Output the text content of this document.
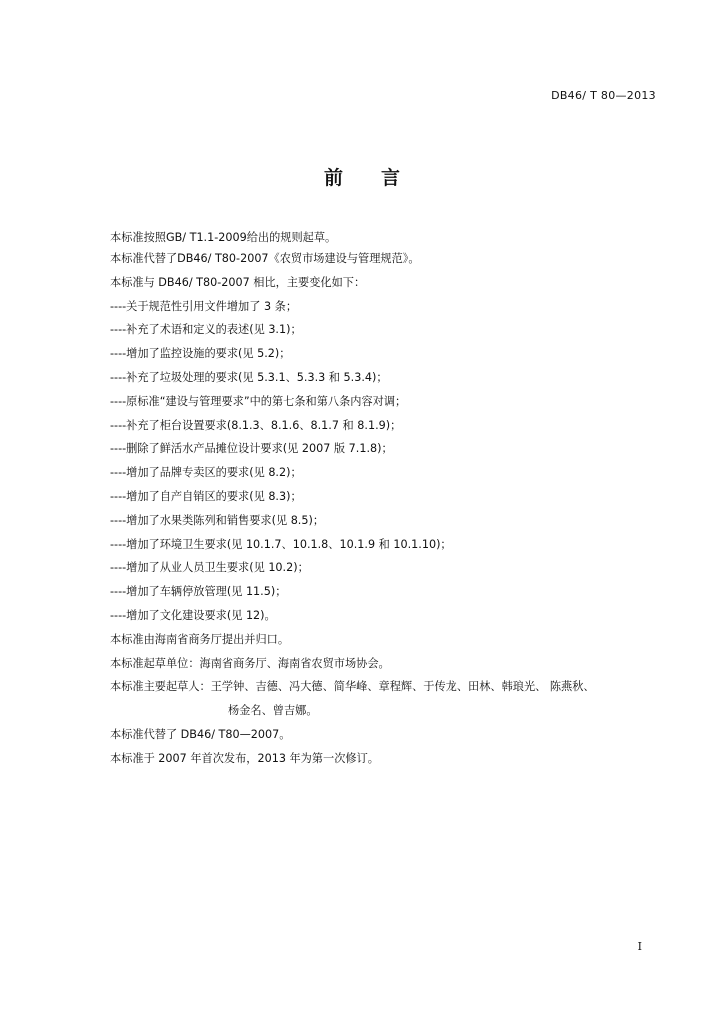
DB46/ T 80—2013
前 言
本标准按照GB/ T1.1-2009给出的规则起草。
本标准代替了DB46/ T80-2007《农贸市场建设与管理规范》。
本标准与 DB46/ T80-2007 相比，主要变化如下：
----关于规范性引用文件增加了 3 条；
----补充了术语和定义的表述(见 3.1)；
----增加了监控设施的要求(见 5.2)；
----补充了垃圾处理的要求(见 5.3.1、5.3.3 和 5.3.4)；
----原标准“建设与管理要求”中的第七条和第八条内容对调；
----补充了柜台设置要求(8.1.3、8.1.6、8.1.7 和 8.1.9)；
----删除了鲜活水产品摊位设计要求(见 2007 版 7.1.8)；
----增加了品牌专卖区的要求(见 8.2)；
----增加了自产自销区的要求(见 8.3)；
----增加了水果类陈列和销售要求(见 8.5)；
----增加了环境卫生要求(见 10.1.7、10.1.8、10.1.9 和 10.1.10)；
----增加了从业人员卫生要求(见 10.2)；
----增加了车辆停放管理(见 11.5)；
----增加了文化建设要求(见 12)。
本标准由海南省商务厅提出并归口。
本标准起草单位：海南省商务厅、海南省农贸市场协会。
本标准主要起草人：王学钟、吉德、冯大德、简华峰、章程辉、于传龙、田林、韩琅光、 陈燕秋、
杨金名、曾吉娜。
本标准代替了 DB46/ T80—2007。
本标准于 2007 年首次发布，2013 年为第一次修订。
I
